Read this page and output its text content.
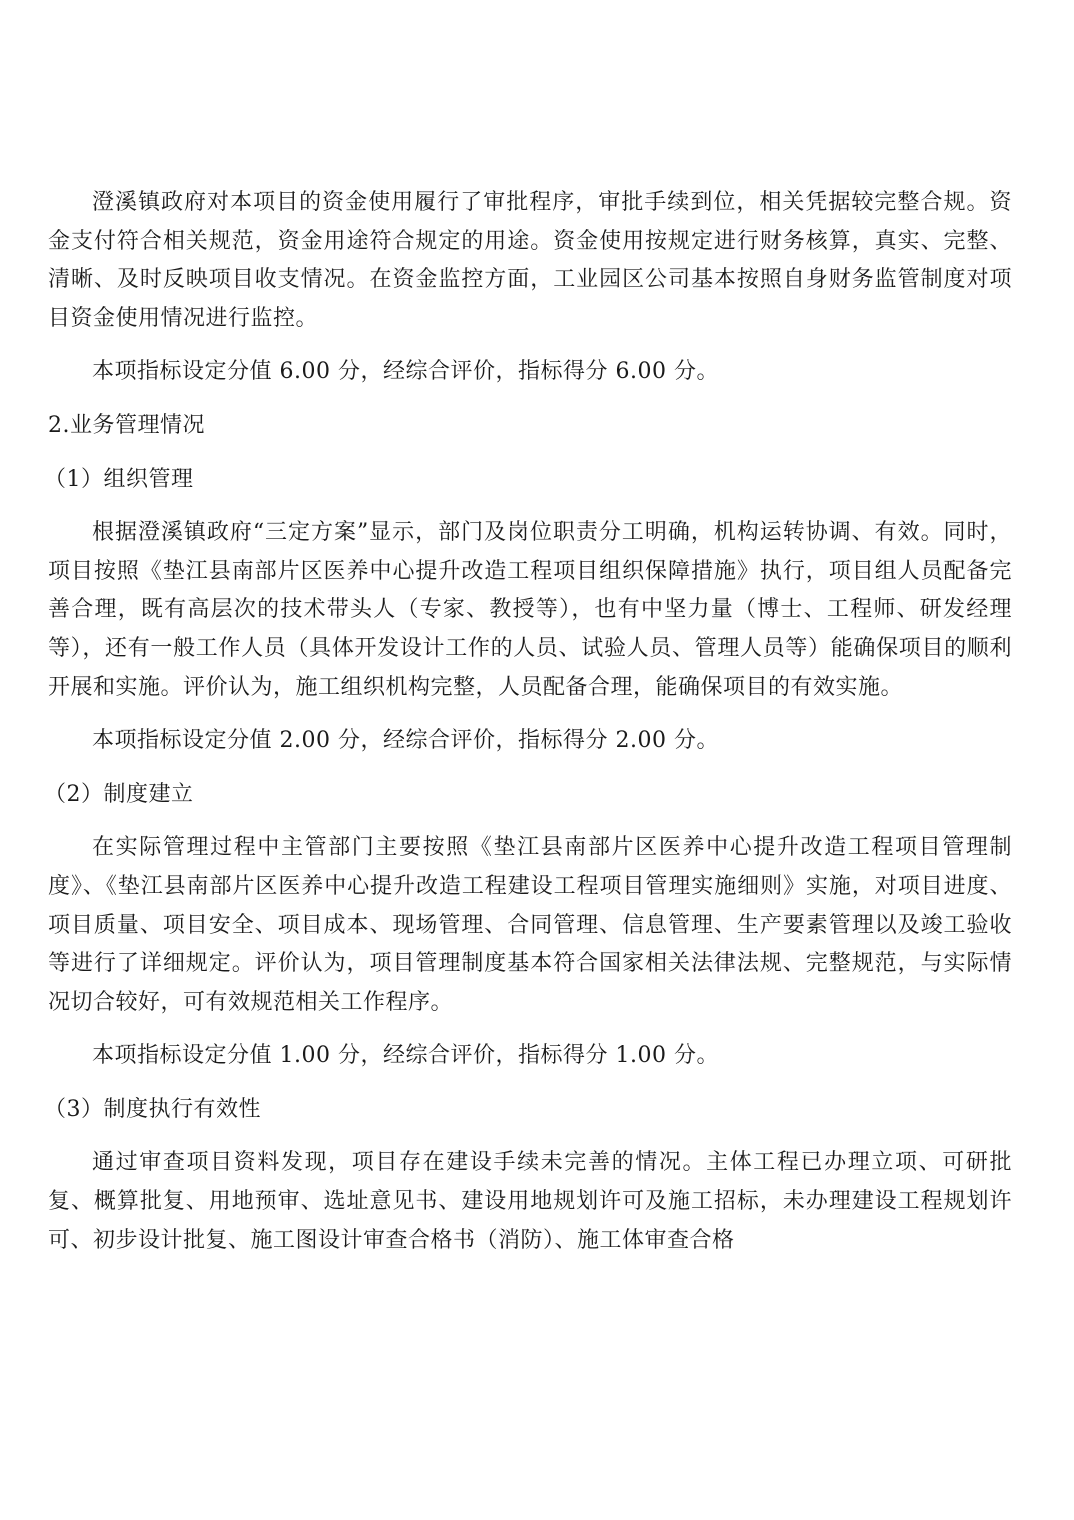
澄溪镇政府对本项目的资金使用履行了审批程序，审批手续到位，相关凭据较完整合规。资金支付符合相关规范，资金用途符合规定的用途。资金使用按规定进行财务核算，真实、完整、清晰、及时反映项目收支情况。在资金监控方面，工业园区公司基本按照自身财务监管制度对项目资金使用情况进行监控。

本项指标设定分值 6.00 分，经综合评价，指标得分 6.00 分。

2.业务管理情况

（1）组织管理

根据澄溪镇政府“三定方案”显示，部门及岗位职责分工明确，机构运转协调、有效。同时，项目按照《垫江县南部片区医养中心提升改造工程项目组织保障措施》执行，项目组人员配备完善合理，既有高层次的技术带头人（专家、教授等），也有中坚力量（博士、工程师、研发经理等），还有一般工作人员（具体开发设计工作的人员、试验人员、管理人员等）能确保项目的顺利开展和实施。评价认为，施工组织机构完整，人员配备合理，能确保项目的有效实施。

本项指标设定分值 2.00 分，经综合评价，指标得分 2.00 分。

（2）制度建立

在实际管理过程中主管部门主要按照《垫江县南部片区医养中心提升改造工程项目管理制度》、《垫江县南部片区医养中心提升改造工程建设工程项目管理实施细则》实施，对项目进度、项目质量、项目安全、项目成本、现场管理、合同管理、信息管理、生产要素管理以及竣工验收等进行了详细规定。评价认为，项目管理制度基本符合国家相关法律法规、完整规范，与实际情况切合较好，可有效规范相关工作程序。

本项指标设定分值 1.00 分，经综合评价，指标得分 1.00 分。

（3）制度执行有效性

通过审查项目资料发现，项目存在建设手续未完善的情况。主体工程已办理立项、可研批复、概算批复、用地预审、选址意见书、建设用地规划许可及施工招标，未办理建设工程规划许可、初步设计批复、施工图设计审查合格书（消防）、施工体审查合格
